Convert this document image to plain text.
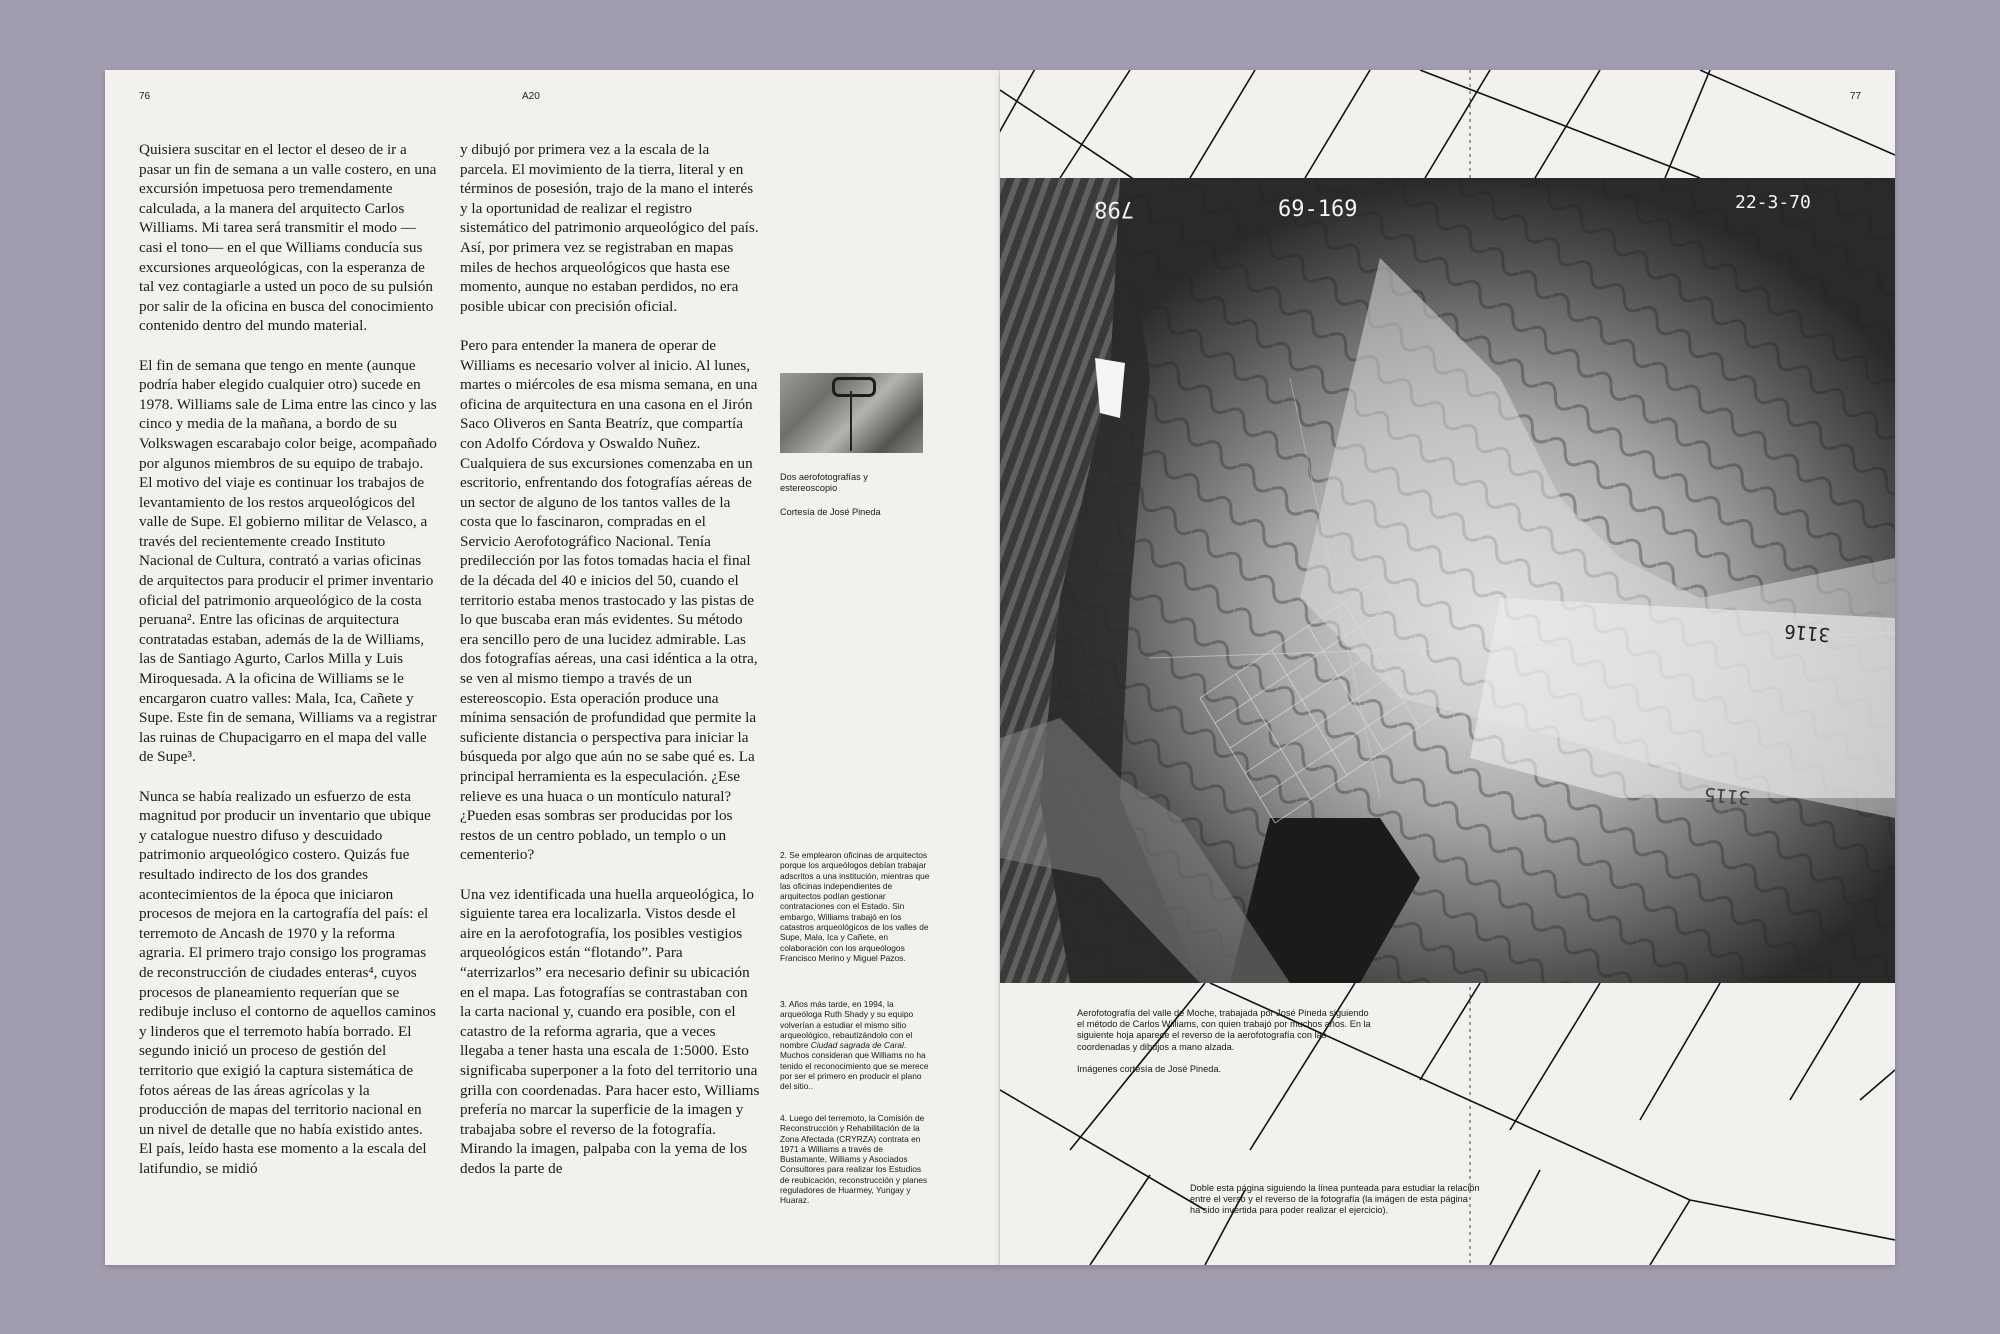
76	A20

Quisiera suscitar en el lector el deseo de ir a pasar un fin de semana a un valle costero, en una excursión impetuosa pero tremendamente calculada, a la manera del arquitecto Carlos Williams. Mi tarea será transmitir el modo —casi el tono— en el que Williams conducía sus excursiones arqueológicas, con la esperanza de tal vez contagiarle a usted un poco de su pulsión por salir de la oficina en busca del conocimiento contenido dentro del mundo material.

El fin de semana que tengo en mente (aunque podría haber elegido cualquier otro) sucede en 1978. Williams sale de Lima entre las cinco y las cinco y media de la mañana, a bordo de su Volkswagen escarabajo color beige, acompañado por algunos miembros de su equipo de trabajo. El motivo del viaje es continuar los trabajos de levantamiento de los restos arqueológicos del valle de Supe. El gobierno militar de Velasco, a través del recientemente creado Instituto Nacional de Cultura, contrató a varias oficinas de arquitectos para producir el primer inventario oficial del patrimonio arqueológico de la costa peruana². Entre las oficinas de arquitectura contratadas estaban, además de la de Williams, las de Santiago Agurto, Carlos Milla y Luis Miroquesada. A la oficina de Williams se le encargaron cuatro valles: Mala, Ica, Cañete y Supe. Este fin de semana, Williams va a registrar las ruinas de Chupacigarro en el mapa del valle de Supe³.

Nunca se había realizado un esfuerzo de esta magnitud por producir un inventario que ubique y catalogue nuestro difuso y descuidado patrimonio arqueológico costero. Quizás fue resultado indirecto de los dos grandes acontecimientos de la época que iniciaron procesos de mejora en la cartografía del país: el terremoto de Ancash de 1970 y la reforma agraria. El primero trajo consigo los programas de reconstrucción de ciudades enteras⁴, cuyos procesos de planeamiento requerían que se redibuje incluso el contorno de aquellos caminos y linderos que el terremoto había borrado. El segundo inició un proceso de gestión del territorio que exigió la captura sistemática de fotos aéreas de las áreas agrícolas y la producción de mapas del territorio nacional en un nivel de detalle que no había existido antes. El país, leído hasta ese momento a la escala del latifundio, se midió

y dibujó por primera vez a la escala de la parcela. El movimiento de la tierra, literal y en términos de posesión, trajo de la mano el interés y la oportunidad de realizar el registro sistemático del patrimonio arqueológico del país. Así, por primera vez se registraban en mapas miles de hechos arqueológicos que hasta ese momento, aunque no estaban perdidos, no era posible ubicar con precisión oficial.

Pero para entender la manera de operar de Williams es necesario volver al inicio. Al lunes, martes o miércoles de esa misma semana, en una oficina de arquitectura en una casona en el Jirón Saco Oliveros en Santa Beatríz, que compartía con Adolfo Córdova y Oswaldo Nuñez. Cualquiera de sus excursiones comenzaba en un escritorio, enfrentando dos fotografías aéreas de un sector de alguno de los tantos valles de la costa que lo fascinaron, compradas en el Servicio Aerofotográfico Nacional. Tenía predilección por las fotos tomadas hacia el final de la década del 40 e inicios del 50, cuando el territorio estaba menos trastocado y las pistas de lo que buscaba eran más evidentes. Su método era sencillo pero de una lucidez admirable. Las dos fotografías aéreas, una casi idéntica a la otra, se ven al mismo tiempo a través de un estereoscopio. Esta operación produce una mínima sensación de profundidad que permite la suficiente distancia o perspectiva para iniciar la búsqueda por algo que aún no se sabe qué es. La principal herramienta es la especulación. ¿Ese relieve es una huaca o un montículo natural? ¿Pueden esas sombras ser producidas por los restos de un centro poblado, un templo o un cementerio?

Una vez identificada una huella arqueológica, lo siguiente tarea era localizarla. Vistos desde el aire en la aerofotografía, los posibles vestigios arqueológicos están “flotando”. Para “aterrizarlos” era necesario definir su ubicación en el mapa. Las fotografías se contrastaban con la carta nacional y, cuando era posible, con el catastro de la reforma agraria, que a veces llegaba a tener hasta una escala de 1:5000. Esto significaba superponer a la foto del territorio una grilla con coordenadas. Para hacer esto, Williams prefería no marcar la superficie de la imagen y trabajaba sobre el reverso de la fotografía. Mirando la imagen, palpaba con la yema de los dedos la parte de

Dos aerofotografías y estereoscopio
Cortesía de José Pineda
2. Se emplearon oficinas de arquitectos porque los arqueólogos debían trabajar adscritos a una institución, mientras que las oficinas independientes de arquitectos podían gestionar contrataciones con el Estado. Sin embargo, Williams trabajó en los catastros arqueológicos de los valles de Supe, Mala, Ica y Cañete, en colaboración con los arqueólogos Francisco Merino y Miguel Pazos.
3. Años más tarde, en 1994, la arqueóloga Ruth Shady y su equipo volverían a estudiar el mismo sitio arqueológico, rebautizándolo con el nombre Ciudad sagrada de Caral. Muchos consideran que Williams no ha tenido el reconocimiento que se merece por ser el primero en producir el plano del sitio..
4. Luego del terremoto, la Comisión de Reconstrucción y Rehabilitación de la Zona Afectada (CRYRZA) contrata en 1971 a Williams a través de Bustamante, Williams y Asociados Consultores para realizar los Estudios de reubicación, reconstrucción y planes reguladores de Huarmey, Yungay y Huaraz.
77
798	69-169	22-3-70
3116
3115
Aerofotografía del valle de Moche, trabajada por José Pineda siguiendo el método de Carlos Williams, con quien trabajó por muchos años. En la siguiente hoja aparece el reverso de la aerofotografía con las coordenadas y dibujos a mano alzada.
Imágenes cortesía de José Pineda.
Doble esta página siguiendo la línea punteada para estudiar la relación entre el verso y el reverso de la fotografía (la imágen de esta página ha sido invertida para poder realizar el ejercicio).
